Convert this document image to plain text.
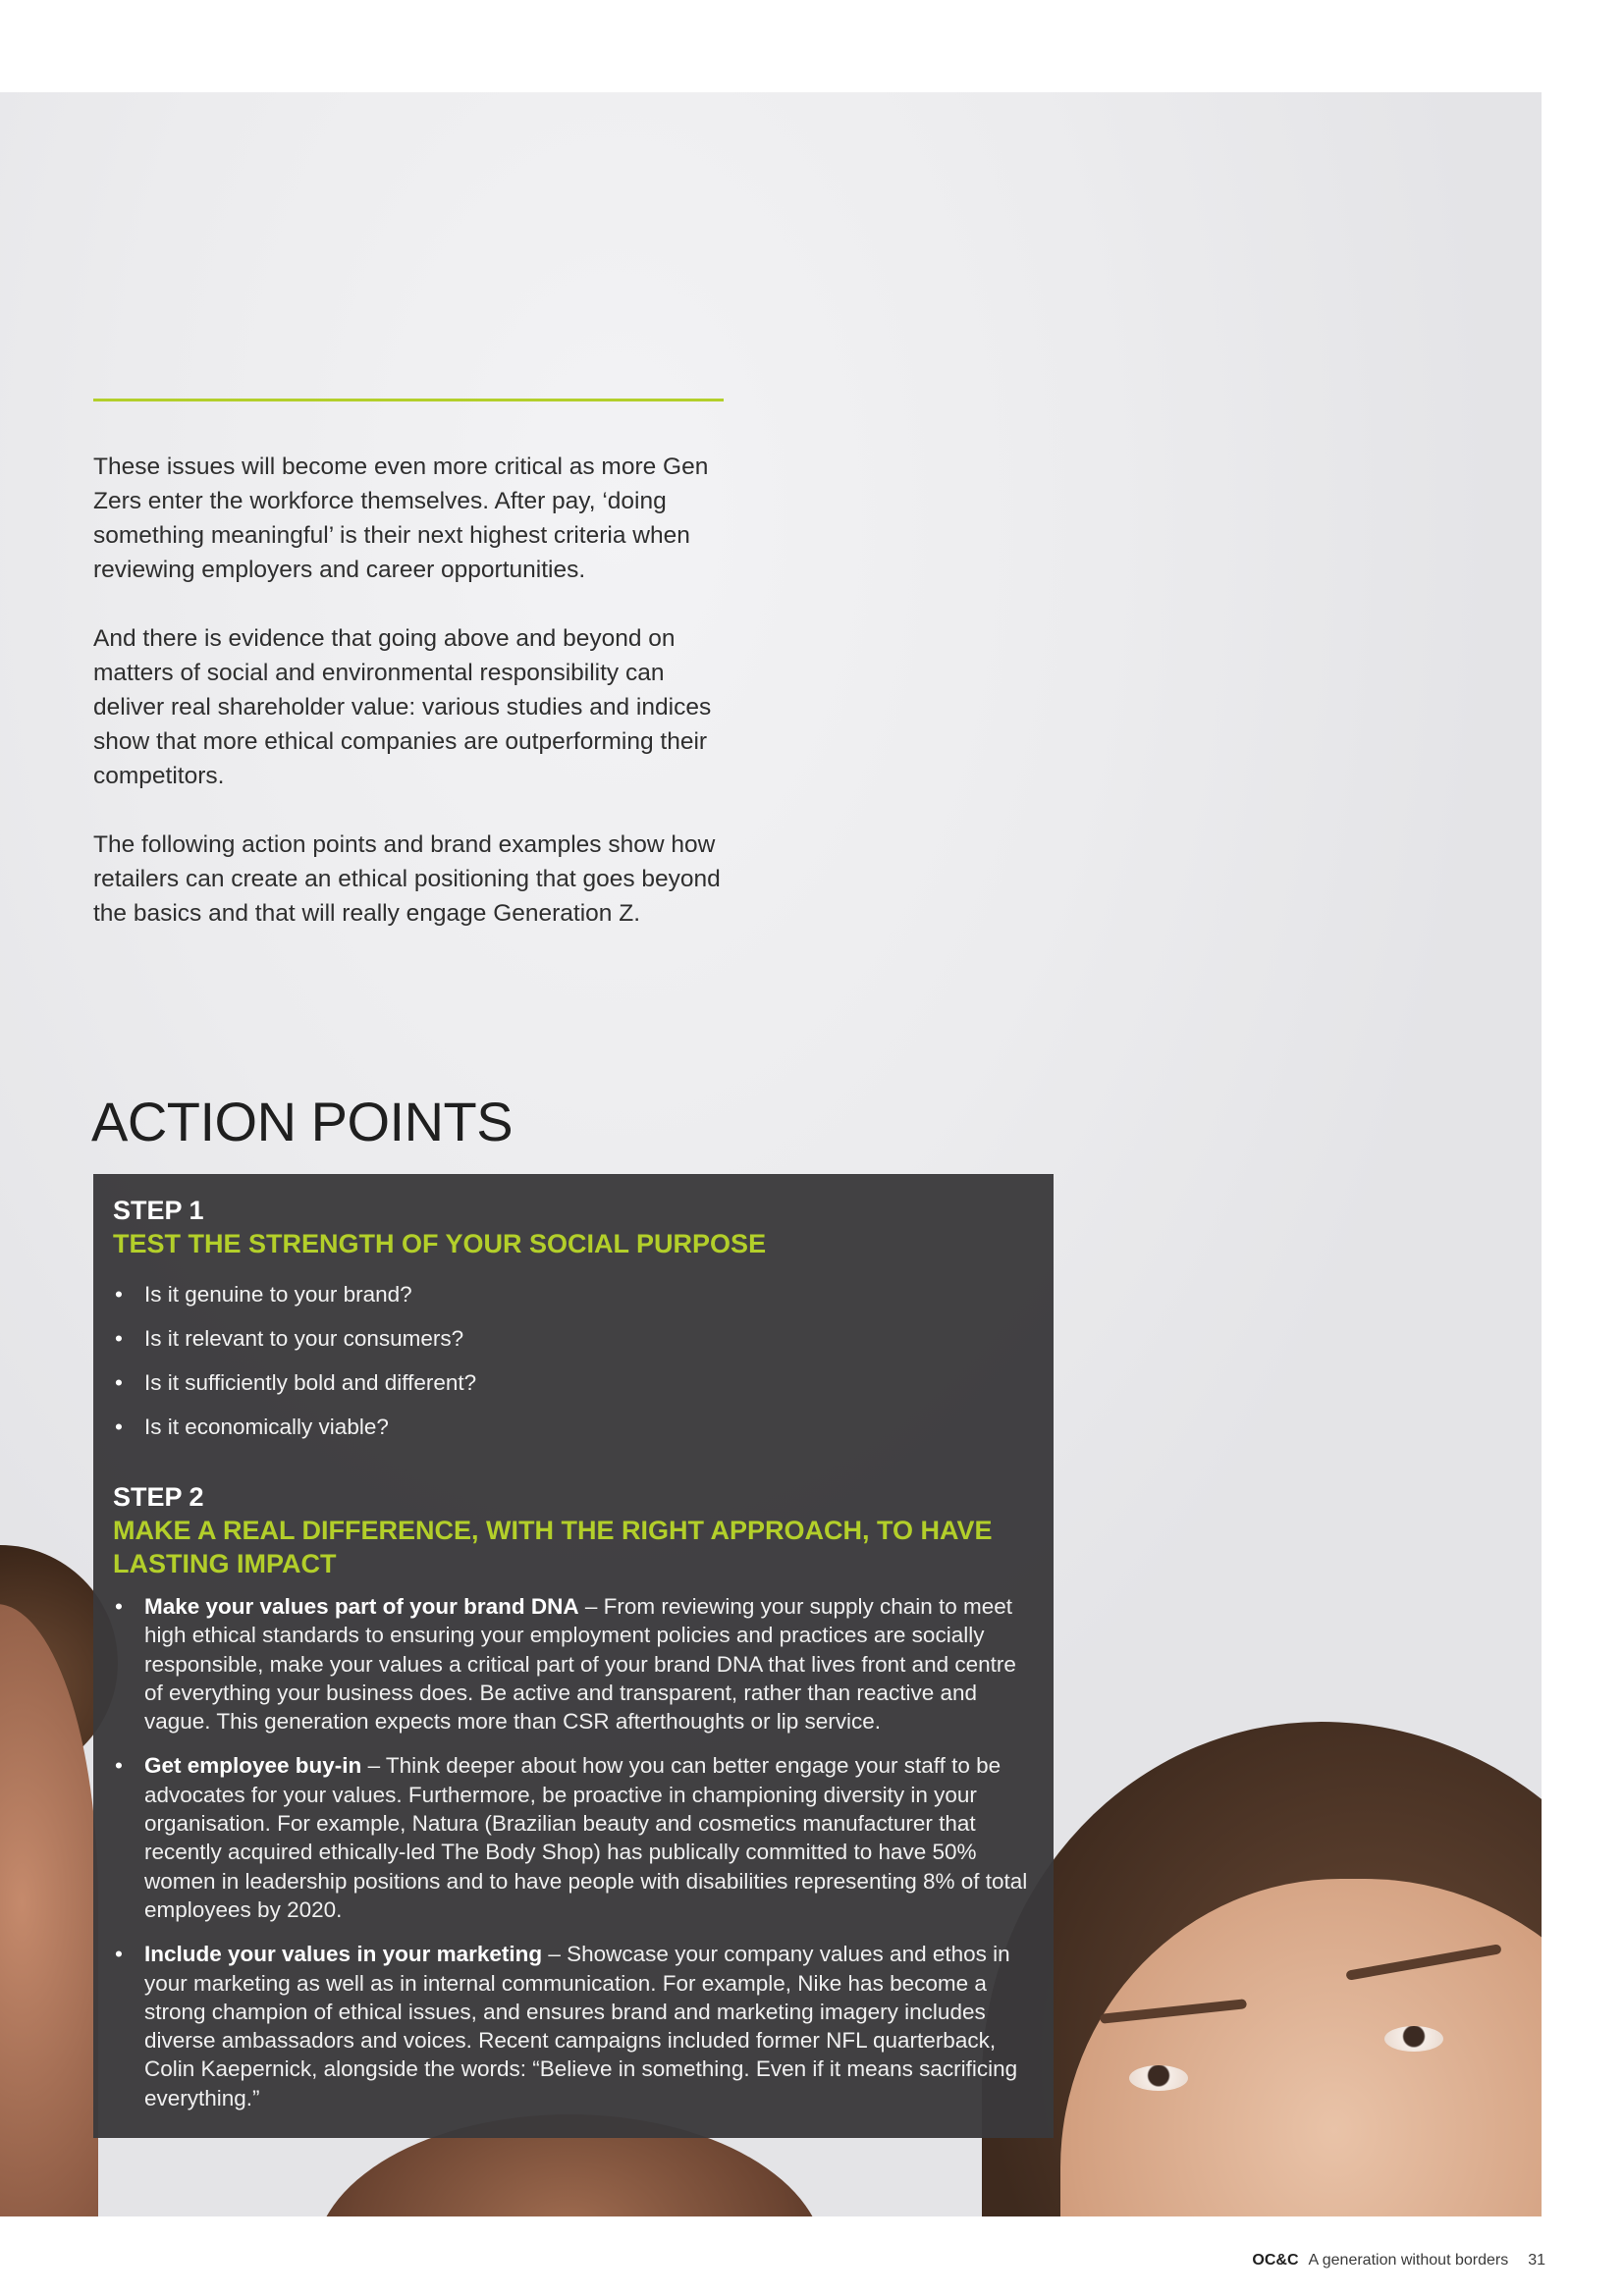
These issues will become even more critical as more Gen Zers enter the workforce themselves. After pay, ‘doing something meaningful’ is their next highest criteria when reviewing employers and career opportunities.

And there is evidence that going above and beyond on matters of social and environmental responsibility can deliver real shareholder value: various studies and indices show that more ethical companies are outperforming their competitors.

The following action points and brand examples show how retailers can create an ethical positioning that goes beyond the basics and that will really engage Generation Z.

ACTION POINTS
STEP 1
TEST THE STRENGTH OF YOUR SOCIAL PURPOSE
• Is it genuine to your brand?
• Is it relevant to your consumers?
• Is it sufficiently bold and different?
• Is it economically viable?
STEP 2
MAKE A REAL DIFFERENCE, WITH THE RIGHT APPROACH, TO HAVE LASTING IMPACT
• Make your values part of your brand DNA – From reviewing your supply chain to meet high ethical standards to ensuring your employment policies and practices are socially responsible, make your values a critical part of your brand DNA that lives front and centre of everything your business does. Be active and transparent, rather than reactive and vague. This generation expects more than CSR afterthoughts or lip service.
• Get employee buy-in – Think deeper about how you can better engage your staff to be advocates for your values. Furthermore, be proactive in championing diversity in your organisation. For example, Natura (Brazilian beauty and cosmetics manufacturer that recently acquired ethically-led The Body Shop) has publically committed to have 50% women in leadership positions and to have people with disabilities representing 8% of total employees by 2020.
• Include your values in your marketing – Showcase your company values and ethos in your marketing as well as in internal communication. For example, Nike has become a strong champion of ethical issues, and ensures brand and marketing imagery includes diverse ambassadors and voices. Recent campaigns included former NFL quarterback, Colin Kaepernick, alongside the words: “Believe in something. Even if it means sacrificing everything.”
OC&C A generation without borders 31
